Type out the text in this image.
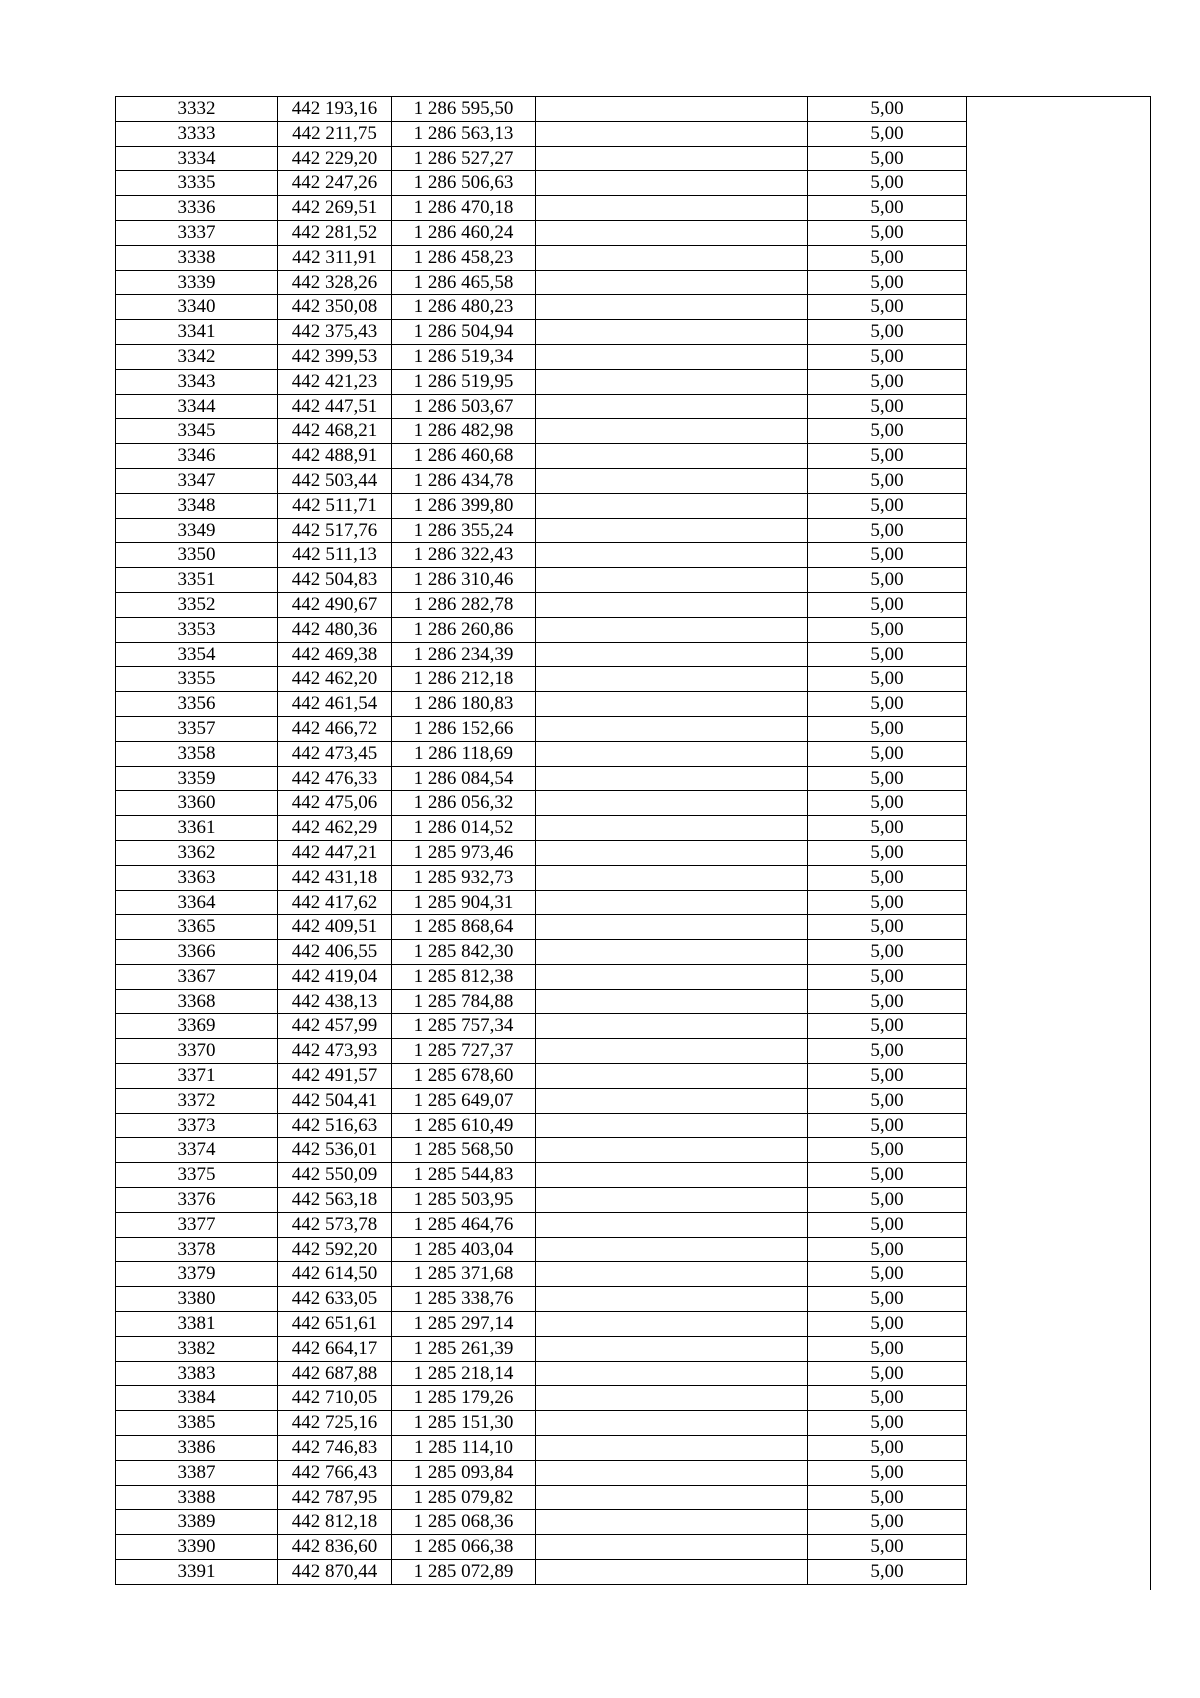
3332	442 193,16	1 286 595,50		5,00	
3333	442 211,75	1 286 563,13		5,00	
3334	442 229,20	1 286 527,27		5,00	
3335	442 247,26	1 286 506,63		5,00	
3336	442 269,51	1 286 470,18		5,00	
3337	442 281,52	1 286 460,24		5,00	
3338	442 311,91	1 286 458,23		5,00	
3339	442 328,26	1 286 465,58		5,00	
3340	442 350,08	1 286 480,23		5,00	
3341	442 375,43	1 286 504,94		5,00	
3342	442 399,53	1 286 519,34		5,00	
3343	442 421,23	1 286 519,95		5,00	
3344	442 447,51	1 286 503,67		5,00	
3345	442 468,21	1 286 482,98		5,00	
3346	442 488,91	1 286 460,68		5,00	
3347	442 503,44	1 286 434,78		5,00	
3348	442 511,71	1 286 399,80		5,00	
3349	442 517,76	1 286 355,24		5,00	
3350	442 511,13	1 286 322,43		5,00	
3351	442 504,83	1 286 310,46		5,00	
3352	442 490,67	1 286 282,78		5,00	
3353	442 480,36	1 286 260,86		5,00	
3354	442 469,38	1 286 234,39		5,00	
3355	442 462,20	1 286 212,18		5,00	
3356	442 461,54	1 286 180,83		5,00	
3357	442 466,72	1 286 152,66		5,00	
3358	442 473,45	1 286 118,69		5,00	
3359	442 476,33	1 286 084,54		5,00	
3360	442 475,06	1 286 056,32		5,00	
3361	442 462,29	1 286 014,52		5,00	
3362	442 447,21	1 285 973,46		5,00	
3363	442 431,18	1 285 932,73		5,00	
3364	442 417,62	1 285 904,31		5,00	
3365	442 409,51	1 285 868,64		5,00	
3366	442 406,55	1 285 842,30		5,00	
3367	442 419,04	1 285 812,38		5,00	
3368	442 438,13	1 285 784,88		5,00	
3369	442 457,99	1 285 757,34		5,00	
3370	442 473,93	1 285 727,37		5,00	
3371	442 491,57	1 285 678,60		5,00	
3372	442 504,41	1 285 649,07		5,00	
3373	442 516,63	1 285 610,49		5,00	
3374	442 536,01	1 285 568,50		5,00	
3375	442 550,09	1 285 544,83		5,00	
3376	442 563,18	1 285 503,95		5,00	
3377	442 573,78	1 285 464,76		5,00	
3378	442 592,20	1 285 403,04		5,00	
3379	442 614,50	1 285 371,68		5,00	
3380	442 633,05	1 285 338,76		5,00	
3381	442 651,61	1 285 297,14		5,00	
3382	442 664,17	1 285 261,39		5,00	
3383	442 687,88	1 285 218,14		5,00	
3384	442 710,05	1 285 179,26		5,00	
3385	442 725,16	1 285 151,30		5,00	
3386	442 746,83	1 285 114,10		5,00	
3387	442 766,43	1 285 093,84		5,00	
3388	442 787,95	1 285 079,82		5,00	
3389	442 812,18	1 285 068,36		5,00	
3390	442 836,60	1 285 066,38		5,00	
3391	442 870,44	1 285 072,89		5,00	
